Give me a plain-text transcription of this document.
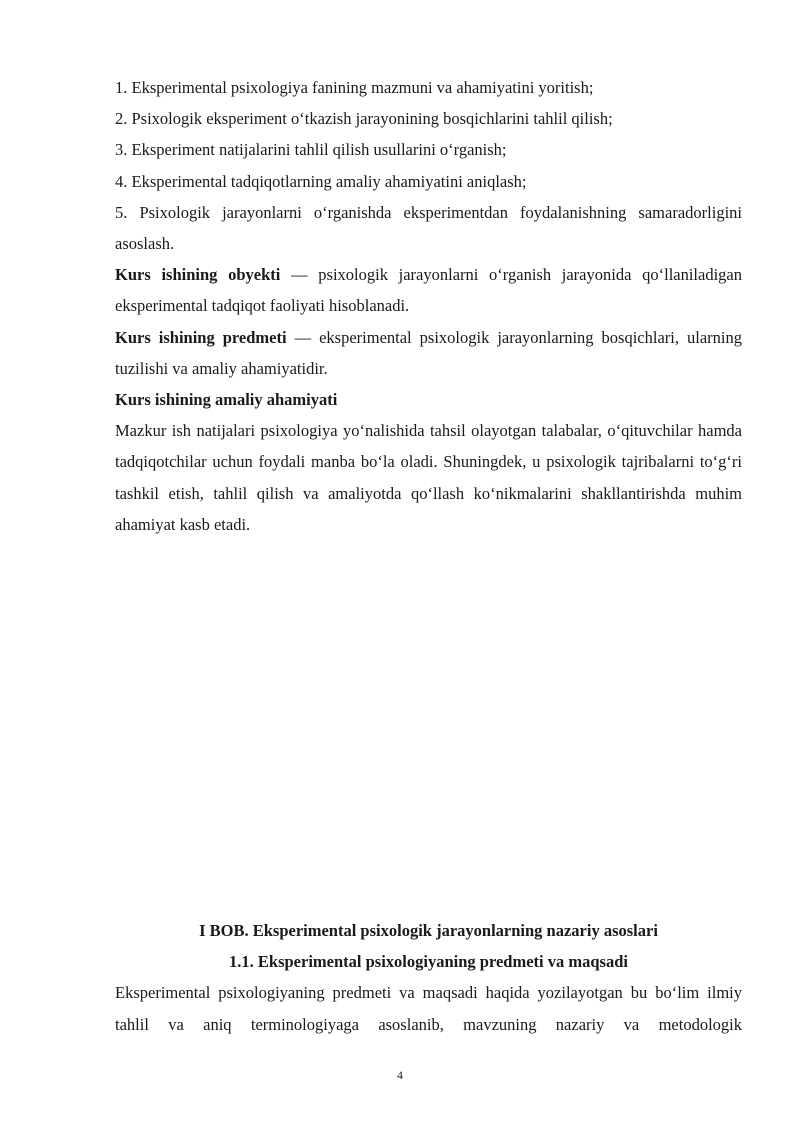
1. Eksperimental psixologiya fanining mazmuni va ahamiyatini yoritish;

2. Psixologik eksperiment o‘tkazish jarayonining bosqichlarini tahlil qilish;

3. Eksperiment natijalarini tahlil qilish usullarini o‘rganish;

4. Eksperimental tadqiqotlarning amaliy ahamiyatini aniqlash;

5. Psixologik jarayonlarni o‘rganishda eksperimentdan foydalanishning samaradorligini asoslash.

Kurs ishining obyekti — psixologik jarayonlarni o‘rganish jarayonida qo‘llaniladigan eksperimental tadqiqot faoliyati hisoblanadi.

Kurs ishining predmeti — eksperimental psixologik jarayonlarning bosqichlari, ularning tuzilishi va amaliy ahamiyatidir.

Kurs ishining amaliy ahamiyati

Mazkur ish natijalari psixologiya yo‘nalishida tahsil olayotgan talabalar, o‘qituvchilar hamda tadqiqotchilar uchun foydali manba bo‘la oladi. Shuningdek, u psixologik tajribalarni to‘g‘ri tashkil etish, tahlil qilish va amaliyotda qo‘llash ko‘nikmalarini shakllantirishda muhim ahamiyat kasb etadi.

I BOB. Eksperimental psixologik jarayonlarning nazariy asoslari

1.1. Eksperimental psixologiyaning predmeti va maqsadi

Eksperimental psixologiyaning predmeti va maqsadi haqida yozilayotgan bu bo‘lim ilmiy tahlil va aniq terminologiyaga asoslanib, mavzuning nazariy va metodologik

4
